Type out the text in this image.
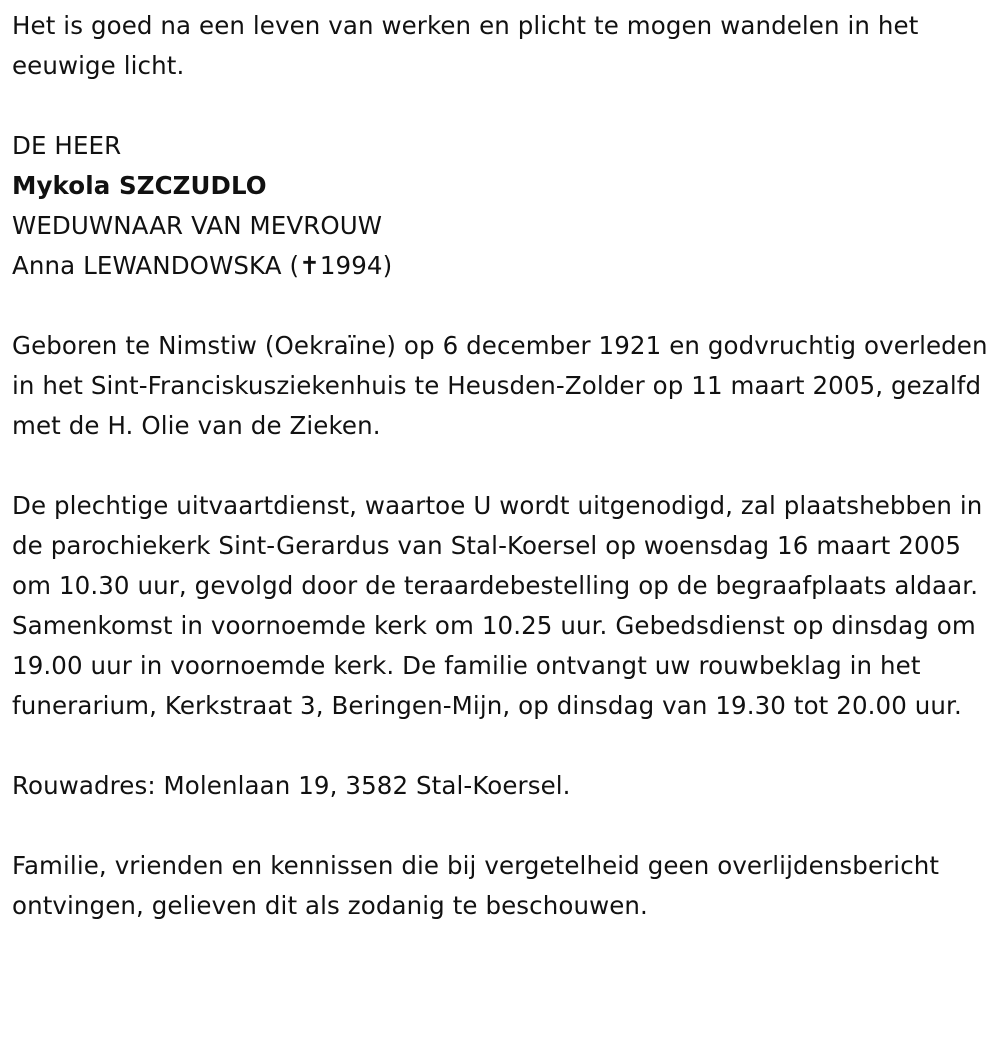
Het is goed na een leven van werken en plicht te mogen wandelen in het eeuwige licht.

DE HEER

Mykola SZCZUDLO

WEDUWNAAR VAN MEVROUW

Anna LEWANDOWSKA (✝1994)

Geboren te Nimstiw (Oekraïne) op 6 december 1921 en godvruchtig overleden in het Sint-Franciskusziekenhuis te Heusden-Zolder op 11 maart 2005, gezalfd met de H. Olie van de Zieken.

De plechtige uitvaartdienst, waartoe U wordt uitgenodigd, zal plaatshebben in de parochiekerk Sint-Gerardus van Stal-Koersel op woensdag 16 maart 2005 om 10.30 uur, gevolgd door de teraardebestelling op de begraafplaats aldaar. Samenkomst in voornoemde kerk om 10.25 uur. Gebedsdienst op dinsdag om 19.00 uur in voornoemde kerk. De familie ontvangt uw rouwbeklag in het funerarium, Kerkstraat 3, Beringen-Mijn, op dinsdag van 19.30 tot 20.00 uur.

Rouwadres: Molenlaan 19, 3582 Stal-Koersel.

Familie, vrienden en kennissen die bij vergetelheid geen overlijdensbericht ontvingen, gelieven dit als zodanig te beschouwen.
